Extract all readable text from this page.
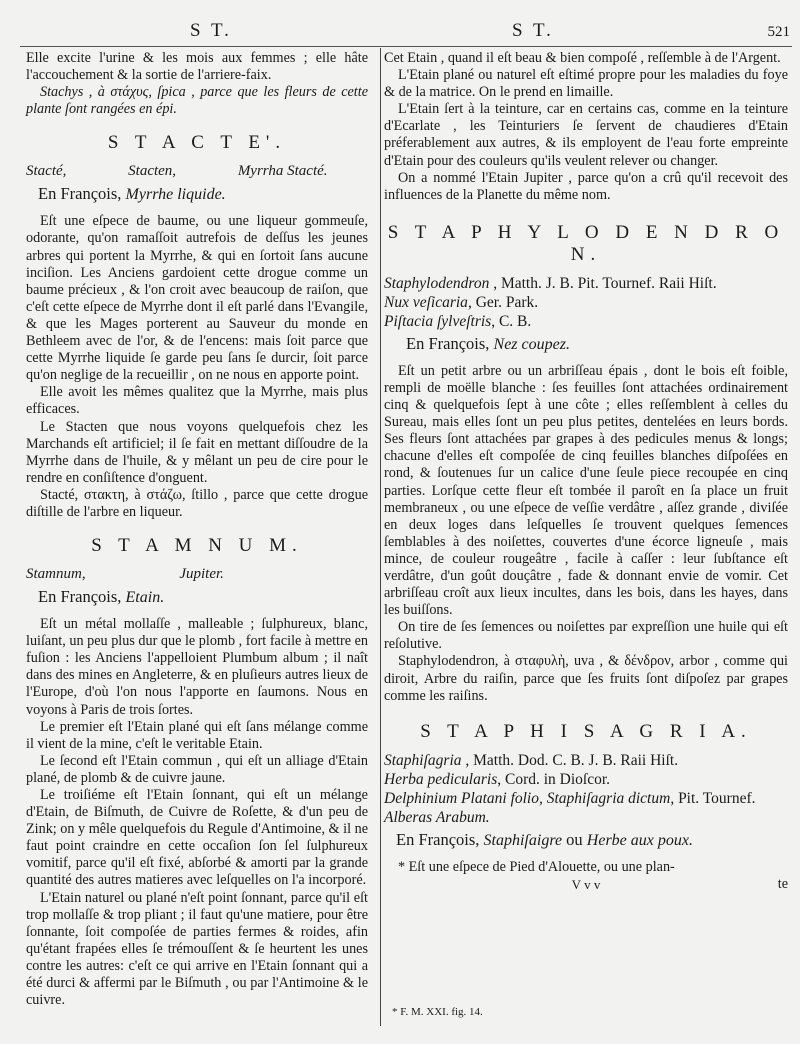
S T.	S T.	521

Elle excite l'urine & les mois aux femmes ; elle hâte l'accouchement & la sortie de l'arriere-faix.

Stachys , à στάχυς, ſpica , parce que les fleurs de cette plante ſont rangées en épi.

S T A C T E'.
Stacté,	Stacten,	Myrrha Stacté.
En François, Myrrhe liquide.

Eſt une eſpece de baume, ou une liqueur gommeuſe, odorante, qu'on ramaſſoit autrefois de deſſus les jeunes arbres qui portent la Myrrhe, & qui en ſortoit ſans aucune inciſion. Les Anciens gardoient cette drogue comme un baume précieux , & l'on croit avec beaucoup de raiſon, que c'eſt cette eſpece de Myrrhe dont il eſt parlé dans l'Evangile, & que les Mages porterent au Sauveur du monde en Bethleem avec de l'or, & de l'encens: mais ſoit parce que cette Myrrhe liquide ſe garde peu ſans ſe durcir, ſoit parce qu'on neglige de la recueillir , on ne nous en apporte point.

Elle avoit les mêmes qualitez que la Myrrhe, mais plus efficaces.

Le Stacten que nous voyons quelquefois chez les Marchands eſt artificiel; il ſe fait en mettant diſſoudre de la Myrrhe dans de l'huile, & y mêlant un peu de cire pour le rendre en conſiſtence d'onguent.

Stacté, στακτη, à στάζω, ſtillo , parce que cette drogue diſtille de l'arbre en liqueur.

S T A M N U M.
Stamnum,	Jupiter.
En François, Etain.

Eſt un métal mollaſſe , malleable ; ſulphureux, blanc, luiſant, un peu plus dur que le plomb , fort facile à mettre en fuſion : les Anciens l'appelloient Plumbum album ; il naît dans des mines en Angleterre, & en pluſieurs autres lieux de l'Europe, d'où l'on nous l'apporte en ſaumons. Nous en voyons à Paris de trois ſortes.

Le premier eſt l'Etain plané qui eſt ſans mélange comme il vient de la mine, c'eſt le veritable Etain.

Le ſecond eſt l'Etain commun , qui eſt un alliage d'Etain plané, de plomb & de cuivre jaune.

Le troiſiéme eſt l'Etain ſonnant, qui eſt un mélange d'Etain, de Biſmuth, de Cuivre de Roſette, & d'un peu de Zink; on y mêle quelquefois du Regule d'Antimoine, & il ne faut point craindre en cette occaſion ſon ſel ſulphureux vomitif, parce qu'il eſt fixé, abſorbé & amorti par la grande quantité des autres matieres avec leſquelles on l'a incorporé.

L'Etain naturel ou plané n'eſt point ſonnant, parce qu'il eſt trop mollaſſe & trop pliant ; il faut qu'une matiere, pour être ſonnante, ſoit compoſée de parties fermes & roides, afin qu'étant frapées elles ſe trémouſſent & ſe heurtent les unes contre les autres: c'eſt ce qui arrive en l'Etain ſonnant qui a été durci & affermi par le Biſmuth , ou par l'Antimoine & le cuivre.

Cet Etain , quand il eſt beau & bien compoſé , reſſemble à de l'Argent.

L'Etain plané ou naturel eſt eſtimé propre pour les maladies du foye & de la matrice. On le prend en limaille.

L'Etain ſert à la teinture, car en certains cas, comme en la teinture d'Ecarlate , les Teinturiers ſe ſervent de chaudieres d'Etain préferablement aux autres, & ils employent de l'eau forte empreinte d'Etain pour des couleurs qu'ils veulent relever ou changer.

On a nommé l'Etain Jupiter , parce qu'on a crû qu'il recevoit des influences de la Planette du même nom.

S T A P H Y L O D E N D R O N.
Staphylodendron , Matth. J. B. Pit. Tournef. Raii Hiſt.
Nux veſicaria, Ger. Park.
Piſtacia ſylveſtris, C. B.
En François, Nez coupez.

Eſt un petit arbre ou un arbriſſeau épais , dont le bois eſt foible, rempli de moëlle blanche : ſes feuilles ſont attachées ordinairement cinq & quelquefois ſept à une côte ; elles reſſemblent à celles du Sureau, mais elles ſont un peu plus petites, dentelées en leurs bords. Ses fleurs ſont attachées par grapes à des pedicules menus & longs; chacune d'elles eſt compoſée de cinq feuilles blanches diſpoſées en rond, & ſoutenues ſur un calice d'une ſeule piece recoupée en cinq parties. Lorſque cette fleur eſt tombée il paroît en ſa place un fruit membraneux , ou une eſpece de veſſie verdâtre , aſſez grande , diviſée en deux loges dans leſquelles ſe trouvent quelques ſemences ſemblables à des noiſettes, couvertes d'une écorce ligneuſe , mais mince, de couleur rougeâtre , facile à caſſer : leur ſubſtance eſt verdâtre, d'un goût douçâtre , fade & donnant envie de vomir. Cet arbriſſeau croît aux lieux incultes, dans les bois, dans les hayes, dans les buiſſons.

On tire de ſes ſemences ou noiſettes par expreſſion une huile qui eſt reſolutive.

Staphylodendron, à σταφυλὴ, uva , & δένδρον, arbor , comme qui diroit, Arbre du raiſin, parce que ſes fruits ſont diſpoſez par grapes comme les raiſins.

S T A P H I S A G R I A.
Staphiſagria , Matth. Dod. C. B. J. B. Raii Hiſt.
Herba pedicularis, Cord. in Dioſcor.
Delphinium Platani folio, Staphiſagria dictum, Pit. Tournef.
Alberas Arabum.
En François, Staphiſaigre ou Herbe aux poux.

* Eſt une eſpece de Pied d'Alouette, ou une plan-

V v v	te
* F. M. XXI. fig. 14.
